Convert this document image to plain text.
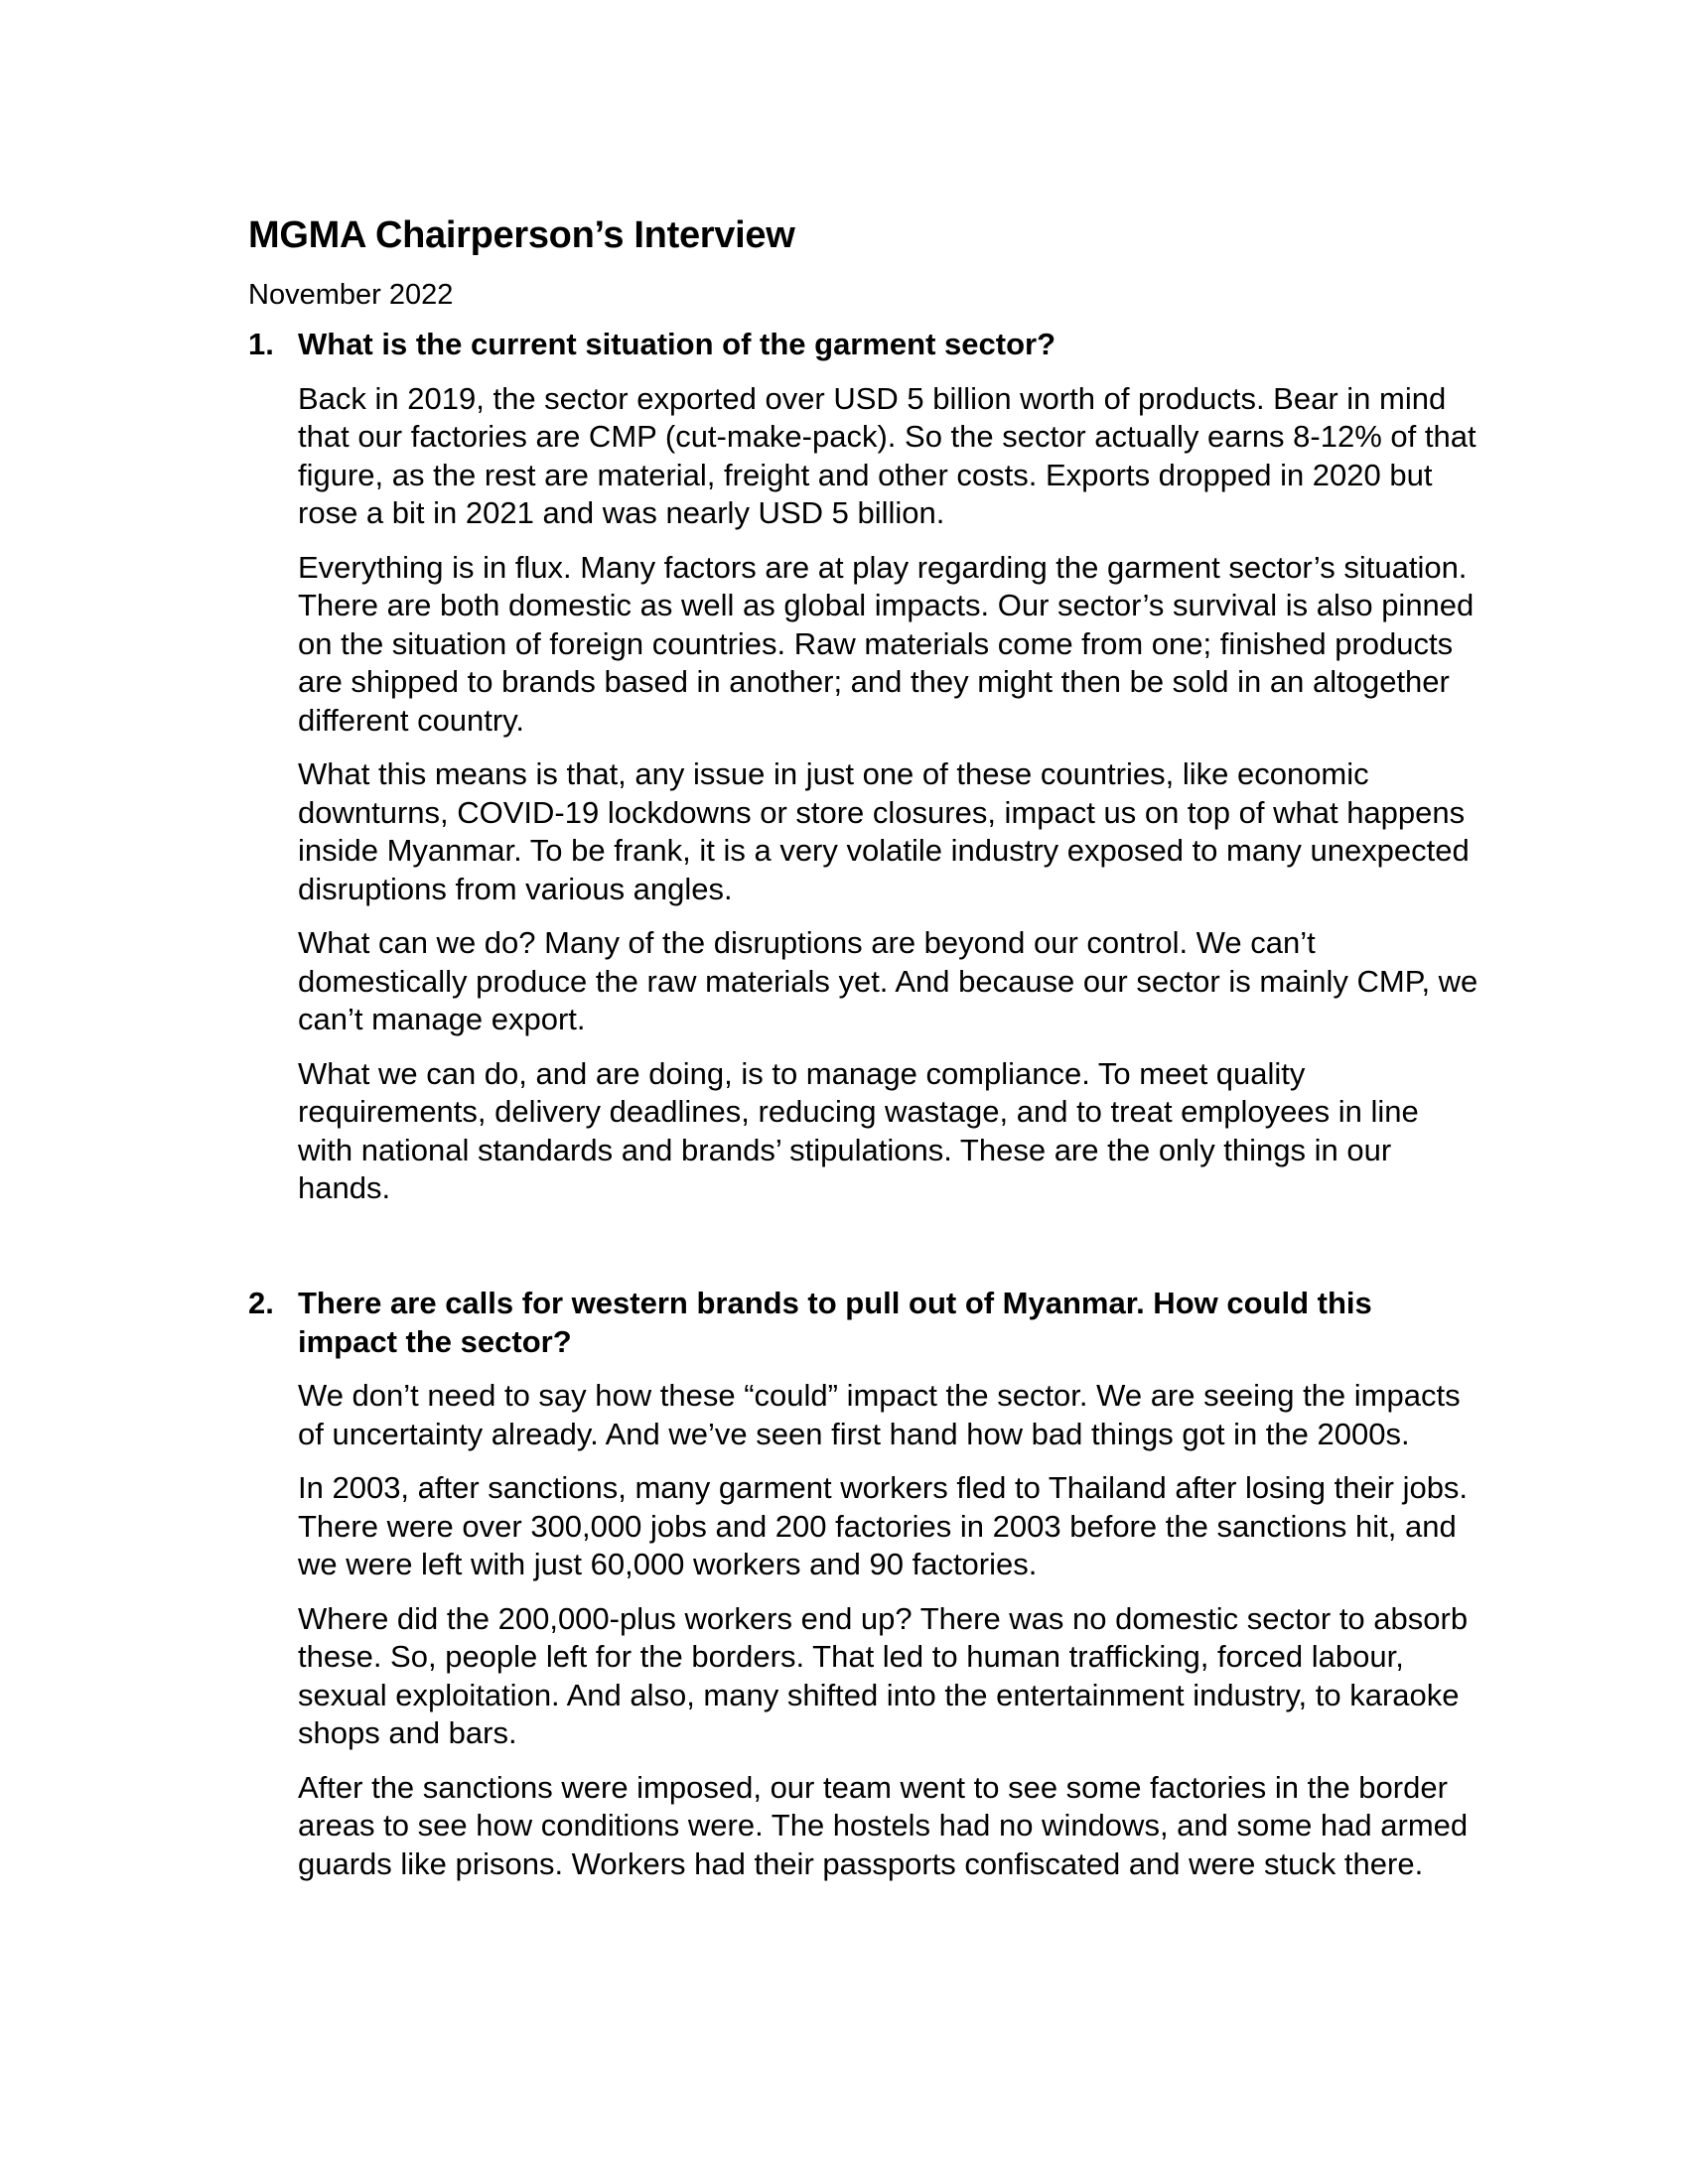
MGMA Chairperson’s Interview

November 2022

1. What is the current situation of the garment sector?

Back in 2019, the sector exported over USD 5 billion worth of products. Bear in mind that our factories are CMP (cut-make-pack). So the sector actually earns 8-12% of that figure, as the rest are material, freight and other costs. Exports dropped in 2020 but rose a bit in 2021 and was nearly USD 5 billion.

Everything is in flux. Many factors are at play regarding the garment sector’s situation. There are both domestic as well as global impacts. Our sector’s survival is also pinned on the situation of foreign countries. Raw materials come from one; finished products are shipped to brands based in another; and they might then be sold in an altogether different country.

What this means is that, any issue in just one of these countries, like economic downturns, COVID-19 lockdowns or store closures, impact us on top of what happens inside Myanmar. To be frank, it is a very volatile industry exposed to many unexpected disruptions from various angles.

What can we do? Many of the disruptions are beyond our control. We can’t domestically produce the raw materials yet. And because our sector is mainly CMP, we can’t manage export.

What we can do, and are doing, is to manage compliance. To meet quality requirements, delivery deadlines, reducing wastage, and to treat employees in line with national standards and brands’ stipulations. These are the only things in our hands.

2. There are calls for western brands to pull out of Myanmar. How could this impact the sector?

We don’t need to say how these “could” impact the sector. We are seeing the impacts of uncertainty already. And we’ve seen first hand how bad things got in the 2000s.

In 2003, after sanctions, many garment workers fled to Thailand after losing their jobs. There were over 300,000 jobs and 200 factories in 2003 before the sanctions hit, and we were left with just 60,000 workers and 90 factories.

Where did the 200,000-plus workers end up? There was no domestic sector to absorb these. So, people left for the borders. That led to human trafficking, forced labour, sexual exploitation. And also, many shifted into the entertainment industry, to karaoke shops and bars.

After the sanctions were imposed, our team went to see some factories in the border areas to see how conditions were. The hostels had no windows, and some had armed guards like prisons. Workers had their passports confiscated and were stuck there.
